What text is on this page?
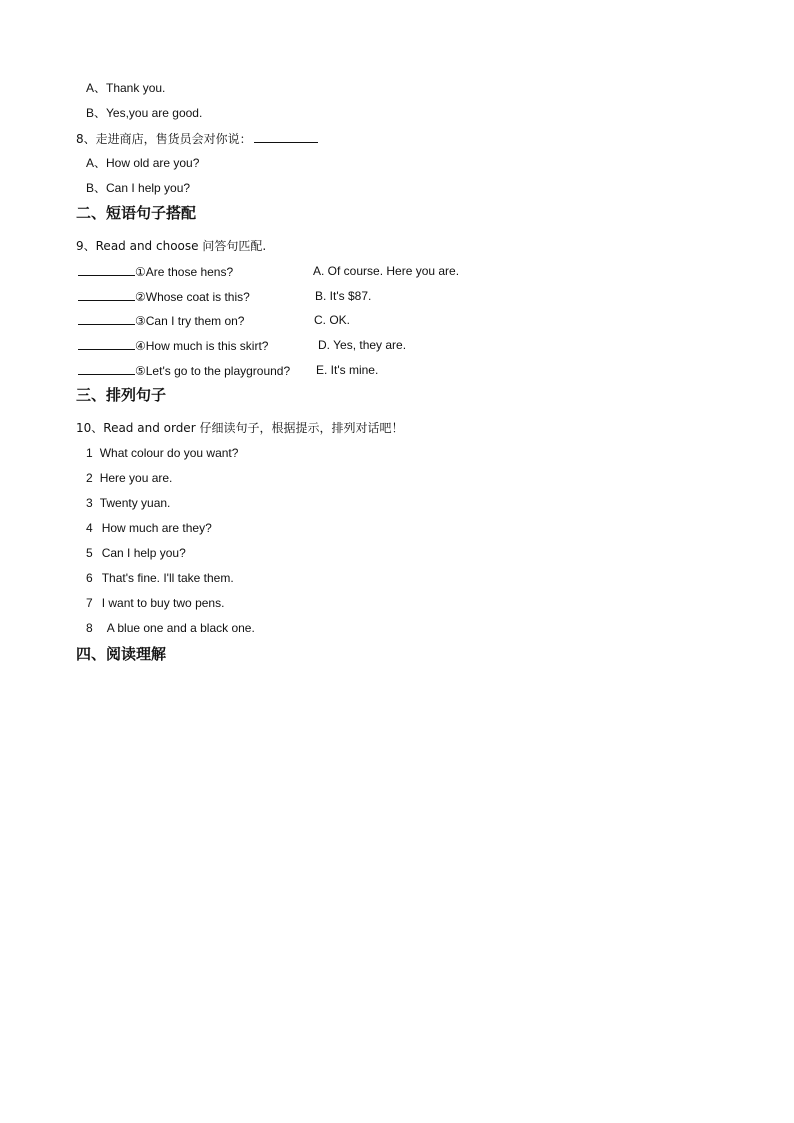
A、Thank you.
B、Yes,you are good.
8、走进商店，售货员会对你说：
A、How old are you?
B、Can I help you?
二、短语句子搭配
9、Read and choose 问答句匹配.
①Are those hens?	A. Of course. Here you are.
②Whose coat is this?	B. It's $87.
③Can I try them on?	C. OK.
④How much is this skirt?	D. Yes, they are.
⑤Let's go to the playground? E. It's mine.
三、排列句子
10、Read and order 仔细读句子，根据提示，排列对话吧！
1 What colour do you want?
2 Here you are.
3 Twenty yuan.
4 How much are they?
5 Can I help you?
6 That's fine. I'll take them.
7 I want to buy two pens.
8 A blue one and a black one.
四、阅读理解
